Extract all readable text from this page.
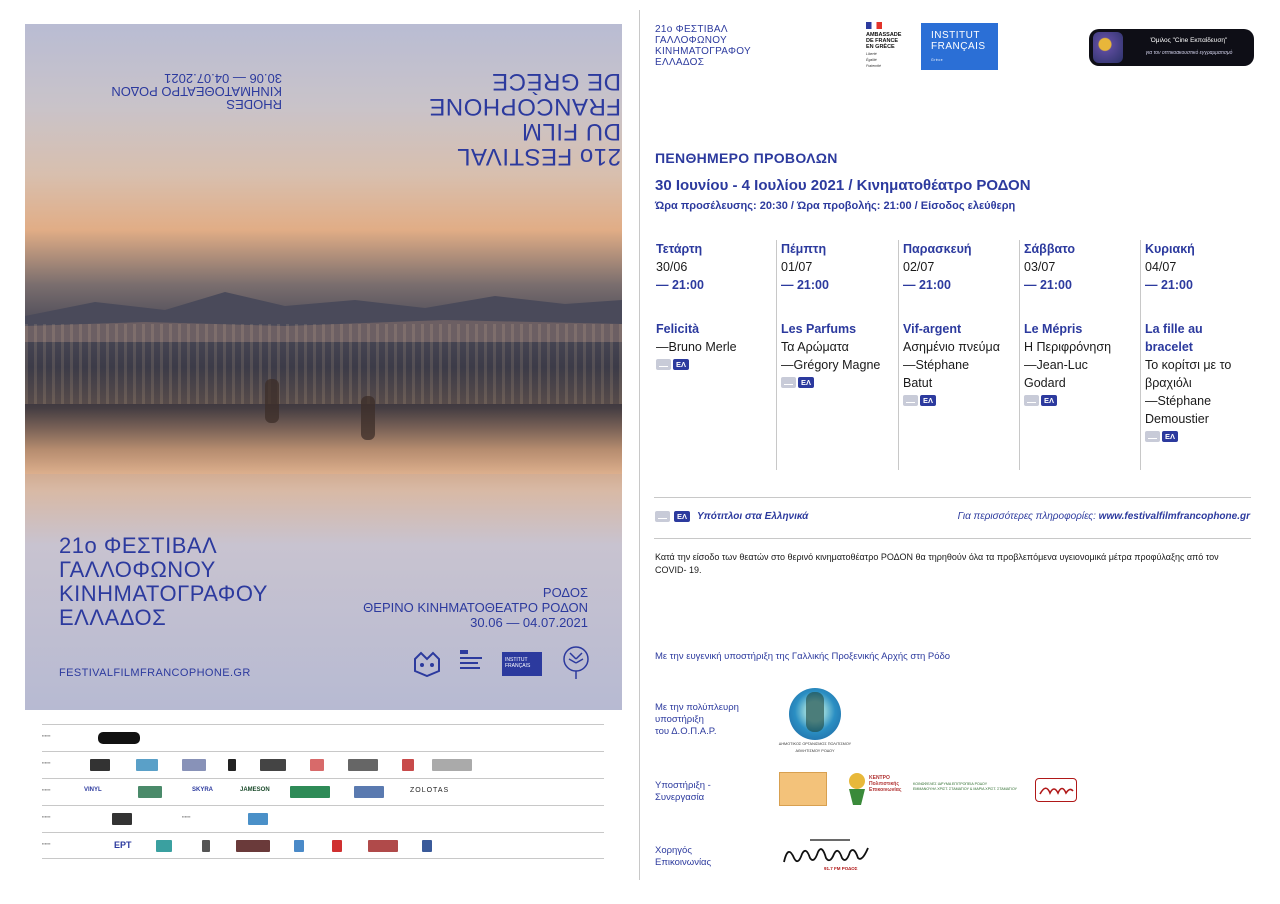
21ο FESTIVAL
DU FILM
FRANCOPHONE
DE GRÈCE
RHODES
ΚΙΝΗΜΑΤΟΘΕΑΤΡΟ ΡΟΔΟΝ
30.06 — 04.07.2021
21ο ΦΕΣΤΙΒΑΛ
ΓΑΛΛΟΦΩΝΟΥ
ΚΙΝΗΜΑΤΟΓΡΑΦΟΥ
ΕΛΛΑΔΟΣ
ΡΟΔΟΣ
ΘΕΡΙΝΟ ΚΙΝΗΜΑΤΟΘΕΑΤΡΟ ΡΟΔΟΝ
30.06 — 04.07.2021
FESTIVALFILMFRANCOPHONE.GR
INSTITUT FRANÇAIS
▪▪▪▪▪▪
▪▪▪▪▪▪
▪▪▪▪▪▪	VINYL	SKYRA	JAMESON	ZOLOTAS
▪▪▪▪▪▪	▪▪▪▪▪▪
▪▪▪▪▪▪	ΕΡΤ
21ο ΦΕΣΤΙΒΑΛ
ΓΑΛΛΟΦΩΝΟΥ
ΚΙΝΗΜΑΤΟΓΡΑΦΟΥ
ΕΛΛΑΔΟΣ
AMBASSADE
DE FRANCE
EN GRÈCE
Liberté
Égalité
Fraternité
INSTITUT
FRANÇAIS
Grèce
Όμιλος "Cine Εκπαίδευση"
για τον οπτικοακουστικό εγγραμματισμό
ΠΕΝΘΗΜΕΡΟ ΠΡΟΒΟΛΩΝ
30 Ιουνίου - 4 Ιουλίου 2021 / Κινηματοθέατρο ΡΟΔΟΝ
Ώρα προσέλευσης: 20:30 / Ώρα προβολής: 21:00 / Είσοδος ελεύθερη
Τετάρτη
30/06
— 21:00
Felicità
—Bruno Merle
ΕΛ
Πέμπτη
01/07
— 21:00
Les Parfums
Τα Αρώματα
—Grégory Magne
ΕΛ
Παρασκευή
02/07
— 21:00
Vif-argent
Ασημένιο πνεύμα
—Stéphane
Batut
ΕΛ
Σάββατο
03/07
— 21:00
Le Mépris
Η Περιφρόνηση
—Jean-Luc
Godard
ΕΛ
Κυριακή
04/07
— 21:00
La fille au
bracelet
Το κορίτσι με το
βραχιόλι
—Stéphane
Demoustier
ΕΛ
ΕΛ	Υπότιτλοι στα Ελληνικά	Για περισσότερες πληροφορίες: www.festivalfilmfrancophone.gr
Κατά την είσοδο των θεατών στο θερινό κινηματοθέατρο ΡΟΔΟΝ θα τηρηθούν όλα τα προβλεπόμενα υγειονομικά μέτρα προφύλαξης από τον COVID- 19.
Με την ευγενική υποστήριξη της Γαλλικής Προξενικής Αρχής στη Ρόδο
Με την πολύπλευρη
υποστήριξη
του Δ.Ο.Π.Α.Ρ.
ΔΗΜΟΤΙΚΟΣ ΟΡΓΑΝΙΣΜΟΣ ΠΟΛΙΤΙΣΜΟΥ
ΑΘΛΗΤΙΣΜΟΥ ΡΟΔΟΥ
Υποστήριξη -
Συνεργασία
ΚΕΝΤΡΟ
Πολιτιστικής
Επικοινωνίας
ΚΟΙΝΩΦΕΛΕΣ ΙΔΡΥΜΑ ΕΠΙΤΡΟΠΕΙΑ ΡΟΔΟΥ
ΕΜΜΑΝΟΥΗΛ ΧΡΙΣΤ. ΣΤΑΜΑΤΙΟΥ & ΜΑΡΙΑ ΧΡΙΣΤ. ΣΤΑΜΑΤΙΟΥ
Χορηγός
Επικοινωνίας
91.7 FM ΡΟΔΟΣ
